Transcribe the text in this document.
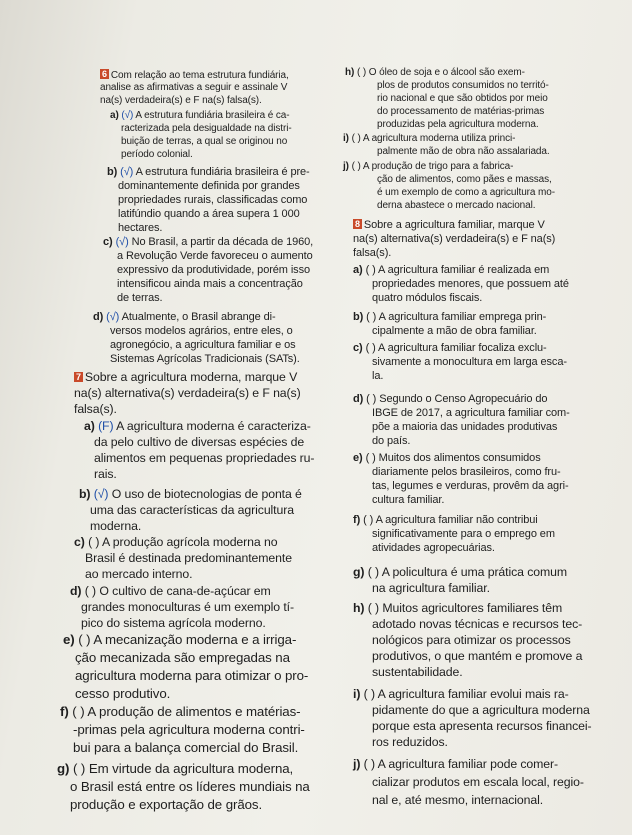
6 Com relação ao tema estrutura fundiária,

analise as afirmativas a seguir e assinale V

na(s) verdadeira(s) e F na(s) falsa(s).

a) (√) A estrutura fundiária brasileira é ca-

racterizada pela desigualdade na distri-

buição de terras, a qual se originou no

período colonial.

b) (√) A estrutura fundiária brasileira é pre-

dominantemente definida por grandes

propriedades rurais, classificadas como

latifúndio quando a área supera 1 000

hectares.

c) (√) No Brasil, a partir da década de 1960,

a Revolução Verde favoreceu o aumento

expressivo da produtividade, porém isso

intensificou ainda mais a concentração

de terras.

d) (√) Atualmente, o Brasil abrange di-

versos modelos agrários, entre eles, o

agronegócio, a agricultura familiar e os

Sistemas Agrícolas Tradicionais (SATs).

7 Sobre a agricultura moderna, marque V

na(s) alternativa(s) verdadeira(s) e F na(s)

falsa(s).

a) (F) A agricultura moderna é caracteriza-

da pelo cultivo de diversas espécies de

alimentos em pequenas propriedades ru-

rais.

b) (√) O uso de biotecnologias de ponta é

uma das características da agricultura

moderna.

c) ( ) A produção agrícola moderna no

Brasil é destinada predominantemente

ao mercado interno.

d) ( ) O cultivo de cana-de-açúcar em

grandes monoculturas é um exemplo tí-

pico do sistema agrícola moderno.

e) ( ) A mecanização moderna e a irriga-

ção mecanizada são empregadas na

agricultura moderna para otimizar o pro-

cesso produtivo.

f) ( ) A produção de alimentos e matérias-

-primas pela agricultura moderna contri-

bui para a balança comercial do Brasil.

g) ( ) Em virtude da agricultura moderna,

o Brasil está entre os líderes mundiais na

produção e exportação de grãos.

h) ( ) O óleo de soja e o álcool são exem-

plos de produtos consumidos no territó-

rio nacional e que são obtidos por meio

do processamento de matérias-primas

produzidas pela agricultura moderna.

i) ( ) A agricultura moderna utiliza princi-

palmente mão de obra não assalariada.

j) ( ) A produção de trigo para a fabrica-

ção de alimentos, como pães e massas,

é um exemplo de como a agricultura mo-

derna abastece o mercado nacional.

8 Sobre a agricultura familiar, marque V

na(s) alternativa(s) verdadeira(s) e F na(s)

falsa(s).

a) ( ) A agricultura familiar é realizada em

propriedades menores, que possuem até

quatro módulos fiscais.

b) ( ) A agricultura familiar emprega prin-

cipalmente a mão de obra familiar.

c) ( ) A agricultura familiar focaliza exclu-

sivamente a monocultura em larga esca-

la.

d) ( ) Segundo o Censo Agropecuário do

IBGE de 2017, a agricultura familiar com-

põe a maioria das unidades produtivas

do país.

e) ( ) Muitos dos alimentos consumidos

diariamente pelos brasileiros, como fru-

tas, legumes e verduras, provêm da agri-

cultura familiar.

f) ( ) A agricultura familiar não contribui

significativamente para o emprego em

atividades agropecuárias.

g) ( ) A policultura é uma prática comum

na agricultura familiar.

h) ( ) Muitos agricultores familiares têm

adotado novas técnicas e recursos tec-

nológicos para otimizar os processos

produtivos, o que mantém e promove a

sustentabilidade.

i) ( ) A agricultura familiar evolui mais ra-

pidamente do que a agricultura moderna

porque esta apresenta recursos financei-

ros reduzidos.

j) ( ) A agricultura familiar pode comer-

cializar produtos em escala local, regio-

nal e, até mesmo, internacional.
